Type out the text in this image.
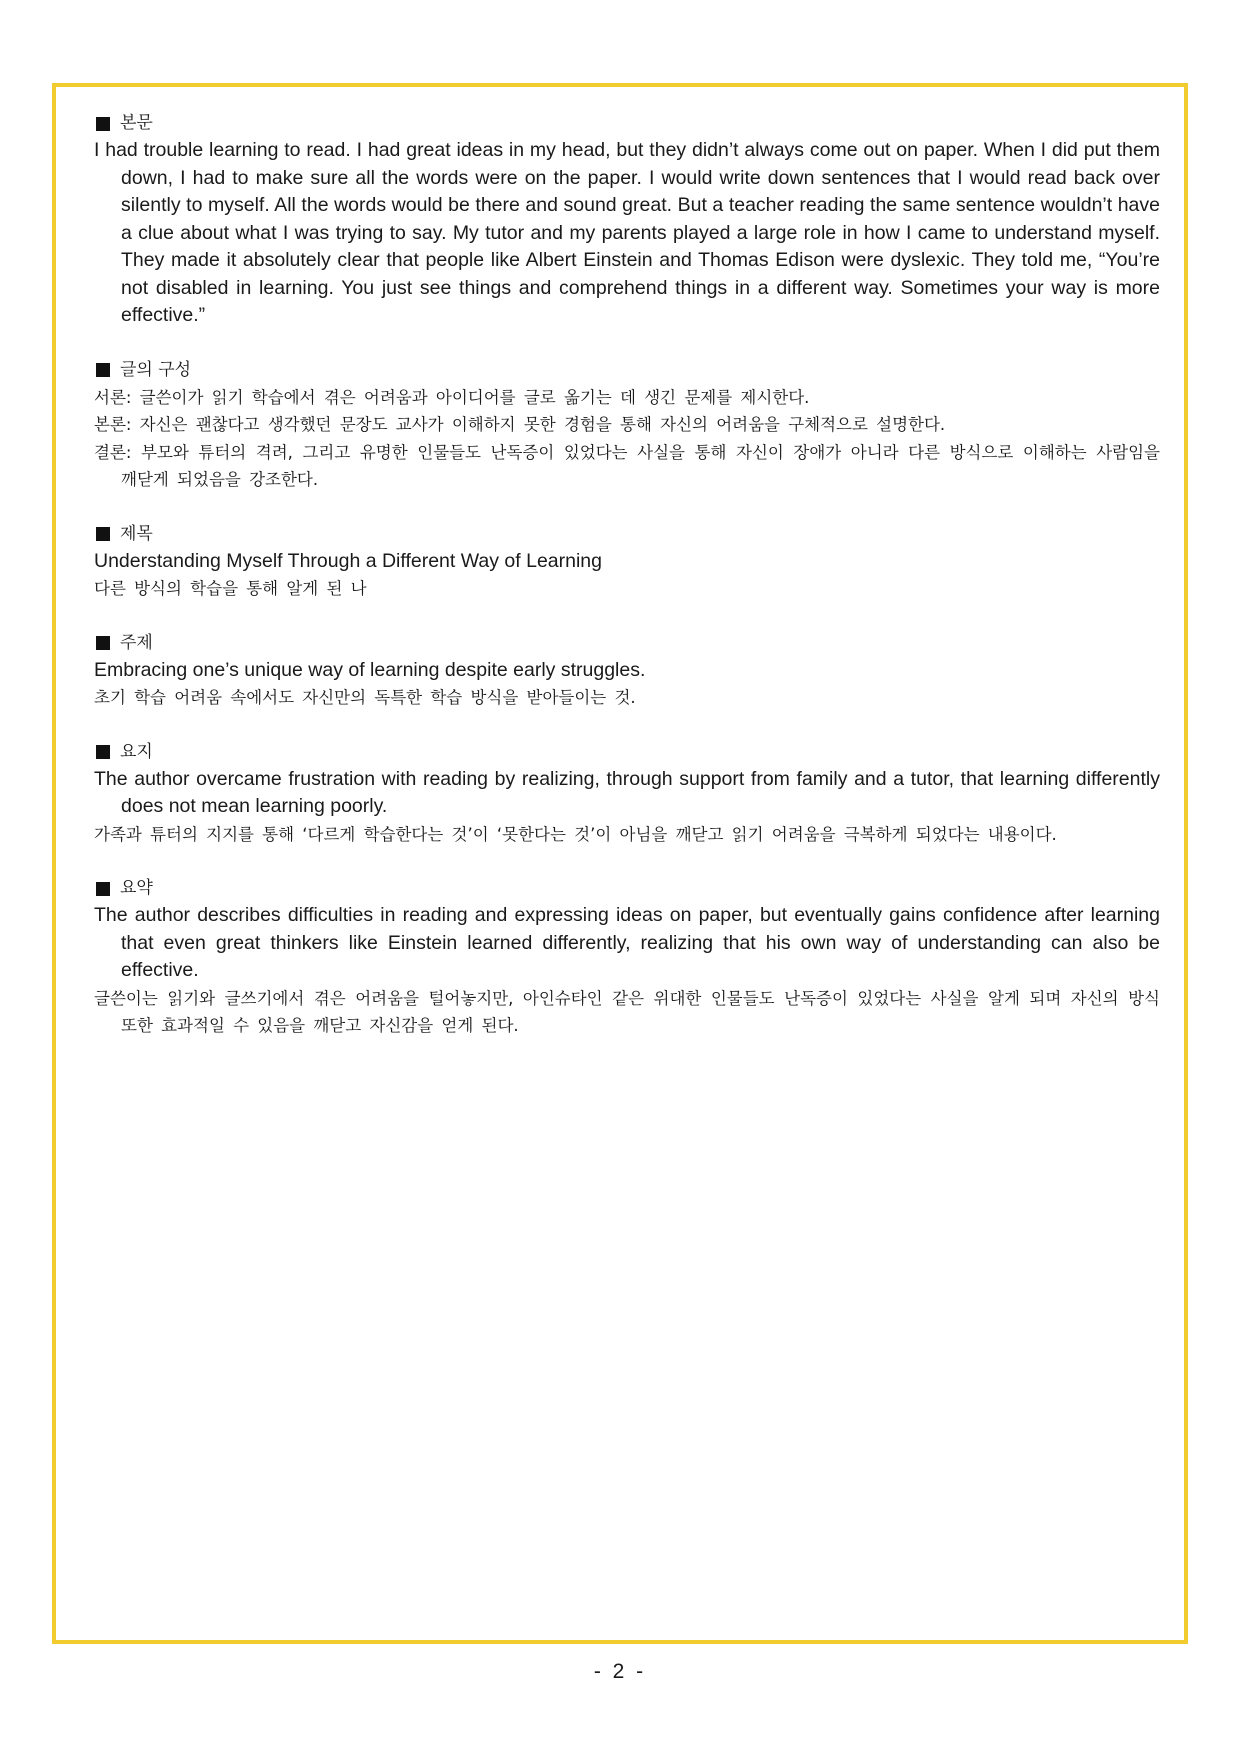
본문

I had trouble learning to read. I had great ideas in my head, but they didn’t always come out on paper. When I did put them down, I had to make sure all the words were on the paper. I would write down sentences that I would read back over silently to myself. All the words would be there and sound great. But a teacher reading the same sentence wouldn’t have a clue about what I was trying to say. My tutor and my parents played a large role in how I came to understand myself. They made it absolutely clear that people like Albert Einstein and Thomas Edison were dyslexic. They told me, “You’re not disabled in learning. You just see things and comprehend things in a different way. Sometimes your way is more effective.”

글의 구성

서론: 글쓴이가 읽기 학습에서 겪은 어려움과 아이디어를 글로 옮기는 데 생긴 문제를 제시한다.

본론: 자신은 괜찮다고 생각했던 문장도 교사가 이해하지 못한 경험을 통해 자신의 어려움을 구체적으로 설명한다.

결론: 부모와 튜터의 격려, 그리고 유명한 인물들도 난독증이 있었다는 사실을 통해 자신이 장애가 아니라 다른 방식으로 이해하는 사람임을 깨닫게 되었음을 강조한다.

제목

Understanding Myself Through a Different Way of Learning

다른 방식의 학습을 통해 알게 된 나

주제

Embracing one’s unique way of learning despite early struggles.

초기 학습 어려움 속에서도 자신만의 독특한 학습 방식을 받아들이는 것.

요지

The author overcame frustration with reading by realizing, through support from family and a tutor, that learning differently does not mean learning poorly.

가족과 튜터의 지지를 통해 ‘다르게 학습한다는 것’이 ‘못한다는 것’이 아님을 깨닫고 읽기 어려움을 극복하게 되었다는 내용이다.

요약

The author describes difficulties in reading and expressing ideas on paper, but eventually gains confidence after learning that even great thinkers like Einstein learned differently, realizing that his own way of understanding can also be effective.

글쓴이는 읽기와 글쓰기에서 겪은 어려움을 털어놓지만, 아인슈타인 같은 위대한 인물들도 난독증이 있었다는 사실을 알게 되며 자신의 방식 또한 효과적일 수 있음을 깨닫고 자신감을 얻게 된다.

- 2 -
